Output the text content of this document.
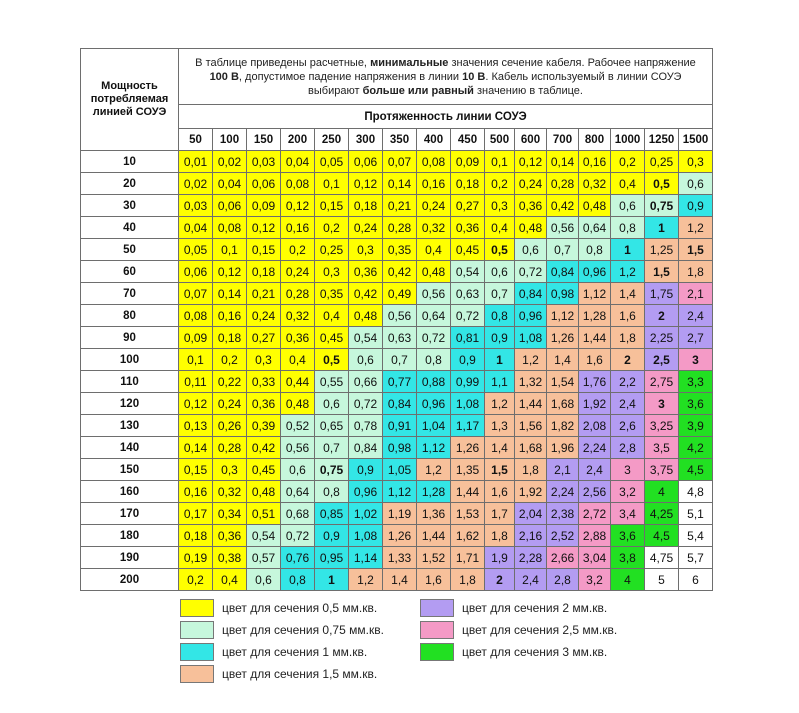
Мощность потребляемая линией СОУЭ	В таблице приведены расчетные, минимальные значения сечение кабеля. Рабочее напряжение 100 В, допустимое падение напряжения в линии 10 В. Кабель используемый в линии СОУЭ выбирают больше или равный значению в таблице.															
	Протяженность линии СОУЭ															
	50	100	150	200	250	300	350	400	450	500	600	700	800	1000	1250	1500
10	0,01	0,02	0,03	0,04	0,05	0,06	0,07	0,08	0,09	0,1	0,12	0,14	0,16	0,2	0,25	0,3
20	0,02	0,04	0,06	0,08	0,1	0,12	0,14	0,16	0,18	0,2	0,24	0,28	0,32	0,4	0,5	0,6
30	0,03	0,06	0,09	0,12	0,15	0,18	0,21	0,24	0,27	0,3	0,36	0,42	0,48	0,6	0,75	0,9
40	0,04	0,08	0,12	0,16	0,2	0,24	0,28	0,32	0,36	0,4	0,48	0,56	0,64	0,8	1	1,2
50	0,05	0,1	0,15	0,2	0,25	0,3	0,35	0,4	0,45	0,5	0,6	0,7	0,8	1	1,25	1,5
60	0,06	0,12	0,18	0,24	0,3	0,36	0,42	0,48	0,54	0,6	0,72	0,84	0,96	1,2	1,5	1,8
70	0,07	0,14	0,21	0,28	0,35	0,42	0,49	0,56	0,63	0,7	0,84	0,98	1,12	1,4	1,75	2,1
80	0,08	0,16	0,24	0,32	0,4	0,48	0,56	0,64	0,72	0,8	0,96	1,12	1,28	1,6	2	2,4
90	0,09	0,18	0,27	0,36	0,45	0,54	0,63	0,72	0,81	0,9	1,08	1,26	1,44	1,8	2,25	2,7
100	0,1	0,2	0,3	0,4	0,5	0,6	0,7	0,8	0,9	1	1,2	1,4	1,6	2	2,5	3
110	0,11	0,22	0,33	0,44	0,55	0,66	0,77	0,88	0,99	1,1	1,32	1,54	1,76	2,2	2,75	3,3
120	0,12	0,24	0,36	0,48	0,6	0,72	0,84	0,96	1,08	1,2	1,44	1,68	1,92	2,4	3	3,6
130	0,13	0,26	0,39	0,52	0,65	0,78	0,91	1,04	1,17	1,3	1,56	1,82	2,08	2,6	3,25	3,9
140	0,14	0,28	0,42	0,56	0,7	0,84	0,98	1,12	1,26	1,4	1,68	1,96	2,24	2,8	3,5	4,2
150	0,15	0,3	0,45	0,6	0,75	0,9	1,05	1,2	1,35	1,5	1,8	2,1	2,4	3	3,75	4,5
160	0,16	0,32	0,48	0,64	0,8	0,96	1,12	1,28	1,44	1,6	1,92	2,24	2,56	3,2	4	4,8
170	0,17	0,34	0,51	0,68	0,85	1,02	1,19	1,36	1,53	1,7	2,04	2,38	2,72	3,4	4,25	5,1
180	0,18	0,36	0,54	0,72	0,9	1,08	1,26	1,44	1,62	1,8	2,16	2,52	2,88	3,6	4,5	5,4
190	0,19	0,38	0,57	0,76	0,95	1,14	1,33	1,52	1,71	1,9	2,28	2,66	3,04	3,8	4,75	5,7
200	0,2	0,4	0,6	0,8	1	1,2	1,4	1,6	1,8	2	2,4	2,8	3,2	4	5	6
цвет для сечения 0,5 мм.кв.
цвет для сечения 0,75 мм.кв.
цвет для сечения 1 мм.кв.
цвет для сечения 1,5 мм.кв.
цвет для сечения 2 мм.кв.
цвет для сечения 2,5 мм.кв.
цвет для сечения 3 мм.кв.
